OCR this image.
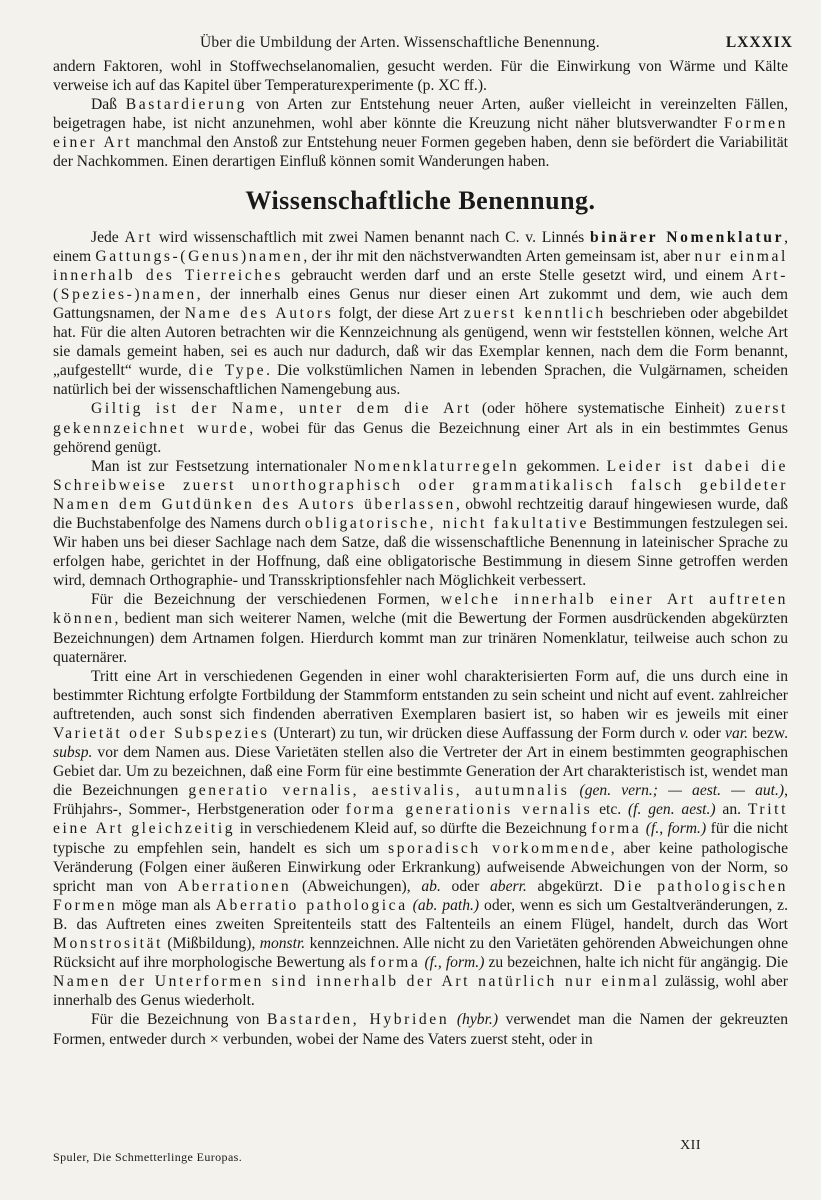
Über die Umbildung der Arten. Wissenschaftliche Benennung.	LXXXIX

andern Faktoren, wohl in Stoffwechselanomalien, gesucht werden. Für die Einwirkung von Wärme und Kälte verweise ich auf das Kapitel über Temperaturexperimente (p. XC ff.).

Daß Bastardierung von Arten zur Entstehung neuer Arten, außer vielleicht in vereinzelten Fällen, beigetragen habe, ist nicht anzunehmen, wohl aber könnte die Kreuzung nicht näher blutsverwandter Formen einer Art manchmal den Anstoß zur Entstehung neuer Formen gegeben haben, denn sie befördert die Variabilität der Nachkommen. Einen derartigen Einfluß können somit Wanderungen haben.

Wissenschaftliche Benennung.

Jede Art wird wissenschaftlich mit zwei Namen benannt nach C. v. Linnés binärer Nomenklatur, einem Gattungs-(Genus)namen, der ihr mit den nächstverwandten Arten gemeinsam ist, aber nur einmal innerhalb des Tierreiches gebraucht werden darf und an erste Stelle gesetzt wird, und einem Art-(Spezies-)namen, der innerhalb eines Genus nur dieser einen Art zukommt und dem, wie auch dem Gattungsnamen, der Name des Autors folgt, der diese Art zuerst kenntlich beschrieben oder abgebildet hat. Für die alten Autoren betrachten wir die Kennzeichnung als genügend, wenn wir feststellen können, welche Art sie damals gemeint haben, sei es auch nur dadurch, daß wir das Exemplar kennen, nach dem die Form benannt, „aufgestellt“ wurde, die Type. Die volkstümlichen Namen in lebenden Sprachen, die Vulgärnamen, scheiden natürlich bei der wissenschaftlichen Namengebung aus.

Giltig ist der Name, unter dem die Art (oder höhere systematische Einheit) zuerst gekennzeichnet wurde, wobei für das Genus die Bezeichnung einer Art als in ein bestimmtes Genus gehörend genügt.

Man ist zur Festsetzung internationaler Nomenklaturregeln gekommen. Leider ist dabei die Schreibweise zuerst unorthographisch oder grammatikalisch falsch gebildeter Namen dem Gutdünken des Autors überlassen, obwohl rechtzeitig darauf hingewiesen wurde, daß die Buchstabenfolge des Namens durch obligatorische, nicht fakultative Bestimmungen festzulegen sei. Wir haben uns bei dieser Sachlage nach dem Satze, daß die wissenschaftliche Benennung in lateinischer Sprache zu erfolgen habe, gerichtet in der Hoffnung, daß eine obligatorische Bestimmung in diesem Sinne getroffen werden wird, demnach Orthographie- und Transskriptionsfehler nach Möglichkeit verbessert.

Für die Bezeichnung der verschiedenen Formen, welche innerhalb einer Art auftreten können, bedient man sich weiterer Namen, welche (mit die Bewertung der Formen ausdrückenden abgekürzten Bezeichnungen) dem Artnamen folgen. Hierdurch kommt man zur trinären Nomenklatur, teilweise auch schon zu quaternärer.

Tritt eine Art in verschiedenen Gegenden in einer wohl charakterisierten Form auf, die uns durch eine in bestimmter Richtung erfolgte Fortbildung der Stammform entstanden zu sein scheint und nicht auf event. zahlreicher auftretenden, auch sonst sich findenden aberrativen Exemplaren basiert ist, so haben wir es jeweils mit einer Varietät oder Subspezies (Unterart) zu tun, wir drücken diese Auffassung der Form durch v. oder var. bezw. subsp. vor dem Namen aus. Diese Varietäten stellen also die Vertreter der Art in einem bestimmten geographischen Gebiet dar. Um zu bezeichnen, daß eine Form für eine bestimmte Generation der Art charakteristisch ist, wendet man die Bezeichnungen generatio vernalis, aestivalis, autumnalis (gen. vern.; — aest. — aut.), Frühjahrs-, Sommer-, Herbstgeneration oder forma generationis vernalis etc. (f. gen. aest.) an. Tritt eine Art gleichzeitig in verschiedenem Kleid auf, so dürfte die Bezeichnung forma (f., form.) für die nicht typische zu empfehlen sein, handelt es sich um sporadisch vorkommende, aber keine pathologische Veränderung (Folgen einer äußeren Einwirkung oder Erkrankung) aufweisende Abweichungen von der Norm, so spricht man von Aberrationen (Abweichungen), ab. oder aberr. abgekürzt. Die pathologischen Formen möge man als Aberratio pathologica (ab. path.) oder, wenn es sich um Gestaltveränderungen, z. B. das Auftreten eines zweiten Spreitenteils statt des Faltenteils an einem Flügel, handelt, durch das Wort Monstrosität (Mißbildung), monstr. kennzeichnen. Alle nicht zu den Varietäten gehörenden Abweichungen ohne Rücksicht auf ihre morphologische Bewertung als forma (f., form.) zu bezeichnen, halte ich nicht für angängig. Die Namen der Unterformen sind innerhalb der Art natürlich nur einmal zulässig, wohl aber innerhalb des Genus wiederholt.

Für die Bezeichnung von Bastarden, Hybriden (hybr.) verwendet man die Namen der gekreuzten Formen, entweder durch × verbunden, wobei der Name des Vaters zuerst steht, oder in

Spuler, Die Schmetterlinge Europas.
XII
